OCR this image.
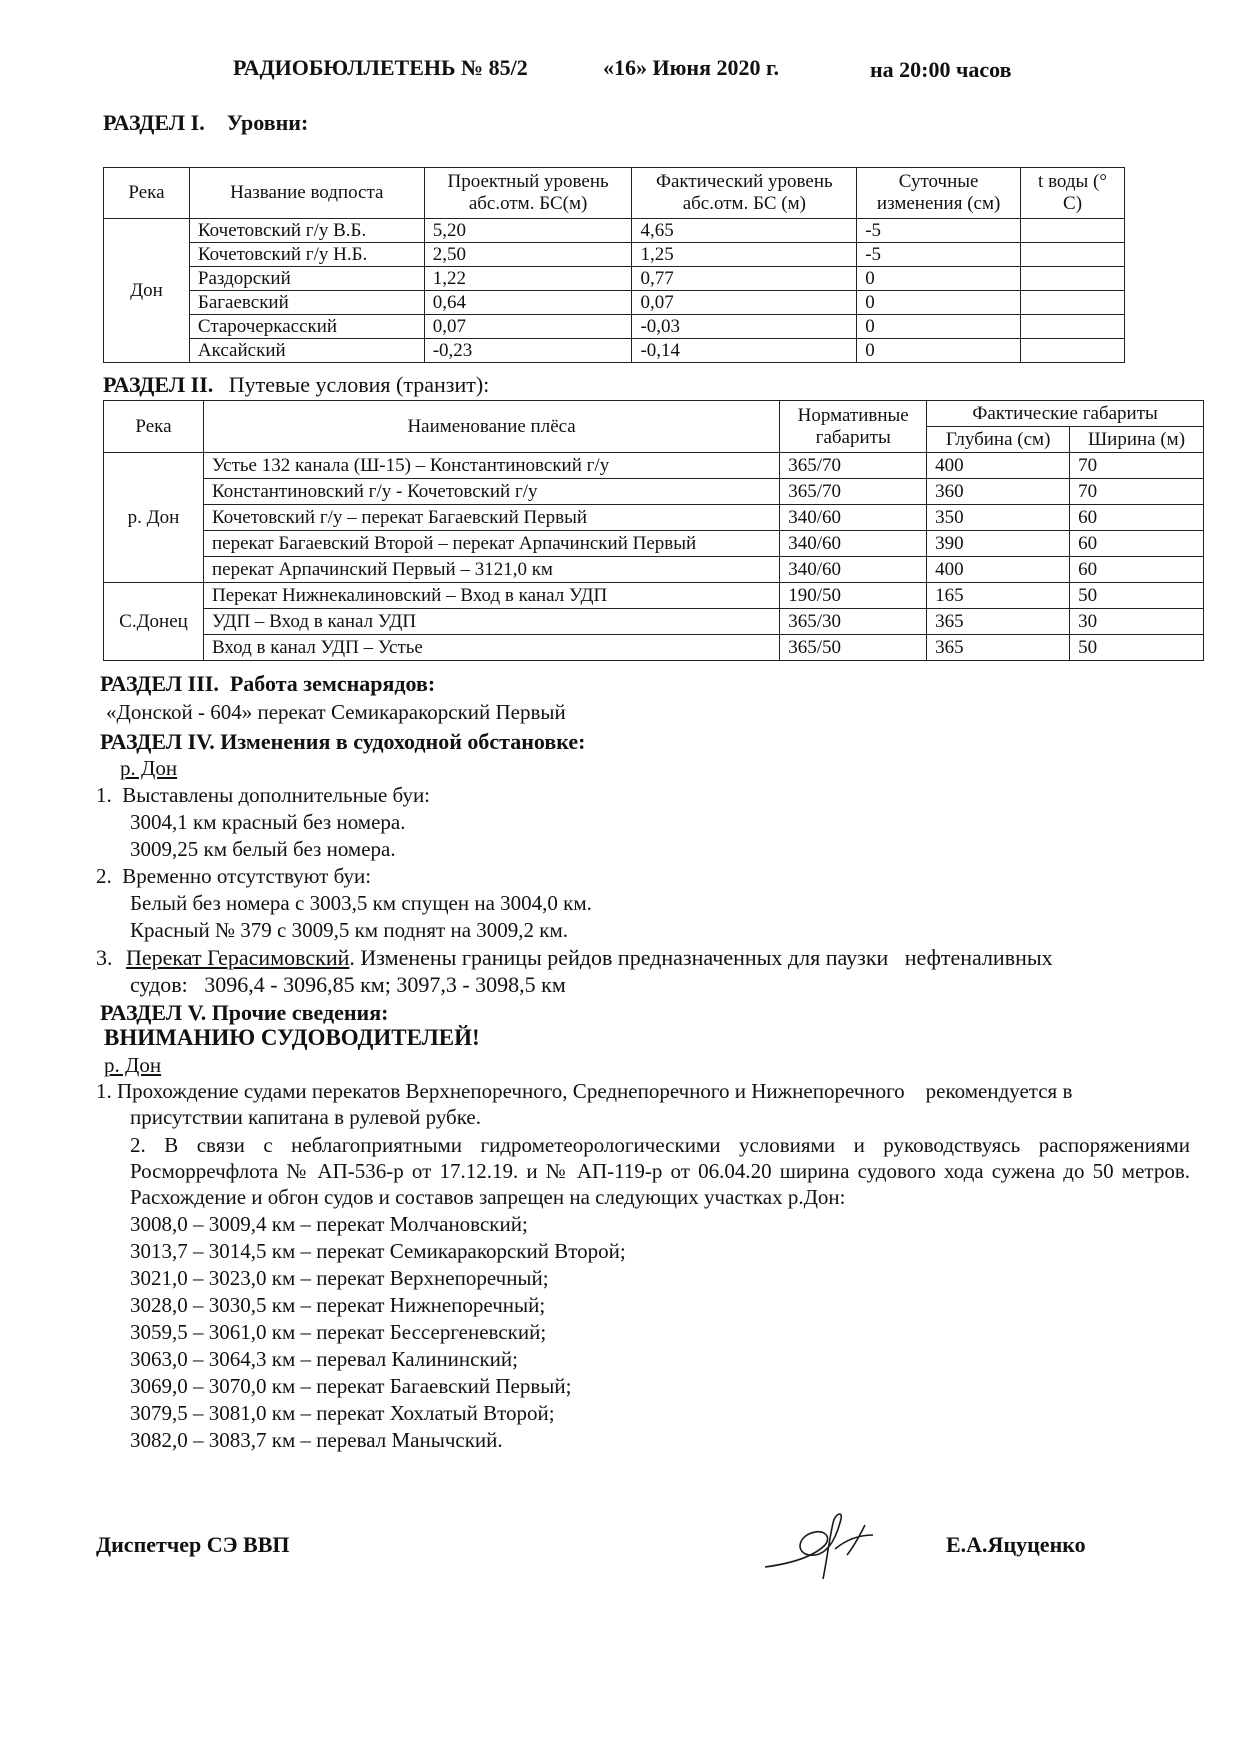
РАДИОБЮЛЛЕТЕНЬ № 85/2	«16» Июня 2020 г.	на 20:00 часов
РАЗДЕЛ I.    Уровни:
Река	Название водпоста	Проектный уровень абс.отм. БС(м)	Фактический уровень абс.отм. БС (м)	Суточные изменения (см)	t воды (° С)
Дон	Кочетовский г/у В.Б.	5,20	4,65	-5	
	Кочетовский г/у Н.Б.	2,50	1,25	-5	
	Раздорский	1,22	0,77	0	
	Багаевский	0,64	0,07	0	
	Старочеркасский	0,07	-0,03	0	
	Аксайский	-0,23	-0,14	0	
РАЗДЕЛ II. Путевые условия (транзит):
Река	Наименование плёса	Нормативные габариты	Фактические габариты	
			Глубина (см)	Ширина (м)
р. Дон	Устье 132 канала (Ш-15) – Константиновский г/у	365/70	400	70
	Константиновский г/у - Кочетовский г/у	365/70	360	70
	Кочетовский г/у – перекат Багаевский Первый	340/60	350	60
	перекат Багаевский Второй – перекат Арпачинский Первый	340/60	390	60
	перекат Арпачинский Первый – 3121,0 км	340/60	400	60
С.Донец	Перекат Нижнекалиновский – Вход в канал УДП	190/50	165	50
	УДП – Вход в канал УДП	365/30	365	30
	Вход в канал УДП – Устье	365/50	365	50
РАЗДЕЛ III.  Работа земснарядов:
«Донской - 604» перекат Семикаракорский Первый
РАЗДЕЛ IV. Изменения в судоходной обстановке:
р. Дон
1.  Выставлены дополнительные буи:
3004,1 км красный без номера.
3009,25 км белый без номера.
2.  Временно отсутствуют буи:
Белый без номера с 3003,5 км спущен на 3004,0 км.
Красный № 379 с 3009,5 км поднят на 3009,2 км.
3. Перекат Герасимовский. Изменены границы рейдов предназначенных для паузки   нефтеналивных
судов:   3096,4 - 3096,85 км; 3097,3 - 3098,5 км
РАЗДЕЛ V. Прочие сведения:
ВНИМАНИЮ СУДОВОДИТЕЛЕЙ!
р. Дон
1. Прохождение судами перекатов Верхнепоречного, Среднепоречного и Нижнепоречного    рекомендуется в
присутствии капитана в рулевой рубке.
2. В связи с неблагоприятными гидрометеорологическими условиями и руководствуясь распоряжениями Росморречфлота № АП-536-р от 17.12.19. и № АП-119-р от 06.04.20 ширина судового хода сужена до 50 метров. Расхождение и обгон судов и составов запрещен на следующих участках р.Дон:
3008,0 – 3009,4 км – перекат Молчановский;
3013,7 – 3014,5 км – перекат Семикаракорский Второй;
3021,0 – 3023,0 км – перекат Верхнепоречный;
3028,0 – 3030,5 км – перекат Нижнепоречный;
3059,5 – 3061,0 км – перекат Бессергеневский;
3063,0 – 3064,3 км – перевал Калининский;
3069,0 – 3070,0 км – перекат Багаевский Первый;
3079,5 – 3081,0 км – перекат Хохлатый Второй;
3082,0 – 3083,7 км – перевал Манычский.
Диспетчер СЭ ВВП	Е.А.Яцуценко
